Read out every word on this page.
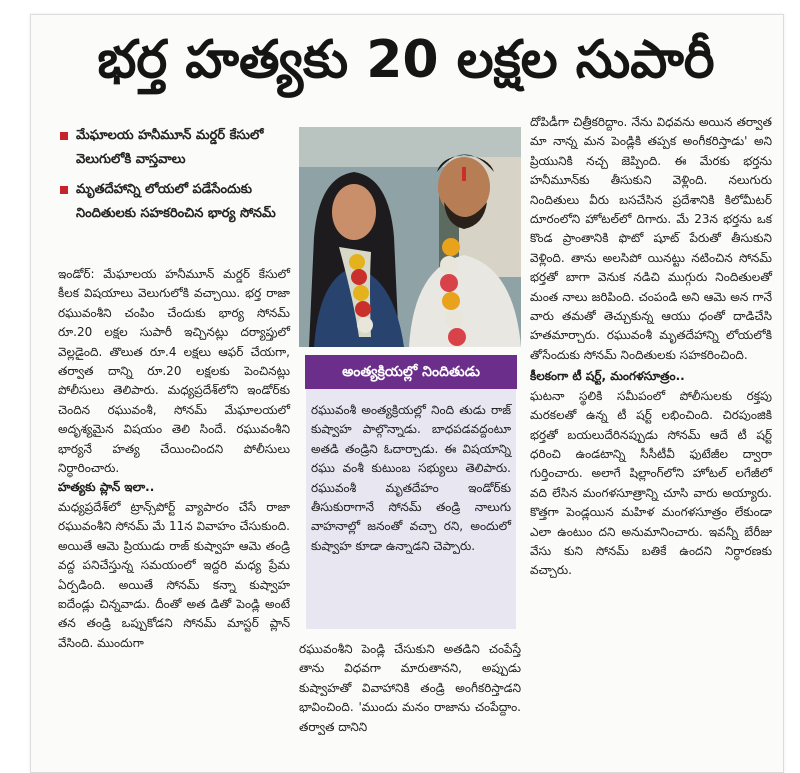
భర్త హత్యకు 20 లక్షల సుపారీ
మేఘాలయ హనీమూన్ మర్డర్ కేసులో వెలుగులోకి వాస్తవాలు
మృతదేహాన్ని లోయలో పడేసేందుకు నిందితులకు సహకరించిన భార్య సోనమ్

ఇండోర్: మేఘాలయ హనీమూన్ మర్డర్ కేసులో కీలక విషయాలు వెలుగులోకి వచ్చాయి. భర్త రాజా రఘువంశీని చంపిం చేందుకు భార్య సోనమ్ రూ.20 లక్షల సుపారీ ఇచ్చినట్లు దర్యాప్తులో వెల్లడైంది. తొలుత రూ.4 లక్షలు ఆఫర్ చేయగా, తర్వాత దాన్ని రూ.20 లక్షలకు పెంచినట్లు పోలీసులు తెలిపారు. మధ్యప్రదేశ్‌లోని ఇండోర్‌కు చెందిన రఘువంశీ, సోనమ్ మేఘాలయలో అదృశ్యమైన విషయం తెలి సిందే. రఘువంశీని భార్యనే హత్య చేయించిందని పోలీసులు నిర్ధారించారు.

హత్యకు ప్లాన్ ఇలా..

మధ్యప్రదేశ్‌లో ట్రాన్స్‌పోర్ట్ వ్యాపారం చేసే రాజా రఘువంశీని సోనమ్ మే 11న వివాహం చేసుకుంది. అయితే ఆమె ప్రియుడు రాజ్ కుష్వాహ ఆమె తండ్రి వద్ద పనిచేస్తున్న సమయంలో ఇద్దరి మధ్య ప్రేమ ఏర్పడింది. అయితే సోనమ్ కన్నా కుష్వాహ ఐదేండ్లు చిన్నవాడు. దీంతో అత డితో పెండ్లి అంటే తన తండ్రి ఒప్పుకోడని సోనమ్ మాస్టర్ ప్లాన్ వేసింది. ముందుగా

అంత్యక్రియల్లో నిందితుడు
రఘువంశీ అంత్యక్రియల్లో నింది తుడు రాజ్ కుష్వాహ పాల్గొన్నాడు. బాధపడవద్దంటూ అతడి తండ్రిని ఓదార్చాడు. ఈ విషయాన్ని రఘు వంశీ కుటుంబ సభ్యులు తెలిపారు. రఘువంశీ మృతదేహం ఇండోర్‌కు తీసుకురాగానే సోనమ్ తండ్రి నాలుగు వాహనాల్లో జనంతో వచ్చా రని, అందులో కుష్వాహ కూడా ఉన్నాడని చెప్పారు.
రఘువంశీని పెండ్లి చేసుకుని అతడిని చంపేస్తే తాను విధవగా మారుతానని, అప్పుడు కుష్వాహతో వివాహానికి తండ్రి అంగీకరిస్తాడని భావించింది. 'ముందు మనం రాజాను చంపేద్దాం. తర్వాత దానిని

దోపిడీగా చిత్రీకరిద్దాం. నేను విధవను అయిన తర్వాత మా నాన్న మన పెండ్లికి తప్పక అంగీకరిస్తాడు' అని ప్రియునికి నచ్చ జెప్పింది. ఈ మేరకు భర్తను హనీమూన్‌కు తీసుకుని వెళ్లింది. నలుగురు నిందితులు వీరు బసచేసిన ప్రదేశానికి కిలోమీటర్ దూరంలోని హోటల్‌లో దిగారు. మే 23న భర్తను ఒక కొండ ప్రాంతానికి ఫొటో షూట్ పేరుతో తీసుకుని వెళ్లింది. తాను అలసిపో యినట్టు నటించిన సోనమ్ భర్తతో బాగా వెనుక నడిచి ముగ్గురు నిందితులతో మంత నాలు జరిపింది. చంపండి అని ఆమె అన గానే వారు తమతో తెచ్చుకున్న ఆయు ధంతో దాడిచేసి హతమార్చారు. రఘువంశీ మృతదేహాన్ని లోయలోకి తోసేందుకు సోనమ్ నిందితులకు సహకరించింది.

కీలకంగా టీ షర్ట్, మంగళసూత్రం..

ఘటనా స్థలికి సమీపంలో పోలీసులకు రక్తపు మరకలతో ఉన్న టీ షర్ట్ లభించింది. చిరపుంజికి భర్తతో బయలుదేరినప్పుడు సోనమ్ ఆదే టీ షర్ట్ ధరించి ఉండటాన్ని సీసీటీవీ ఫుటేజీల ద్వారా గుర్తించారు. అలాగే షిల్లాంగ్‌లోని హోటల్ లగేజీలో వది లేసిన మంగళసూత్రాన్ని చూసి వారు అయ్యారు. కొత్తగా పెండ్లయిన మహిళ మంగళసూత్రం లేకుండా ఎలా ఉంటుం దని అనుమానించారు. ఇవన్నీ బేరీజు వేసు కుని సోనమ్ బతికే ఉందని నిర్ధారణకు వచ్చారు.
